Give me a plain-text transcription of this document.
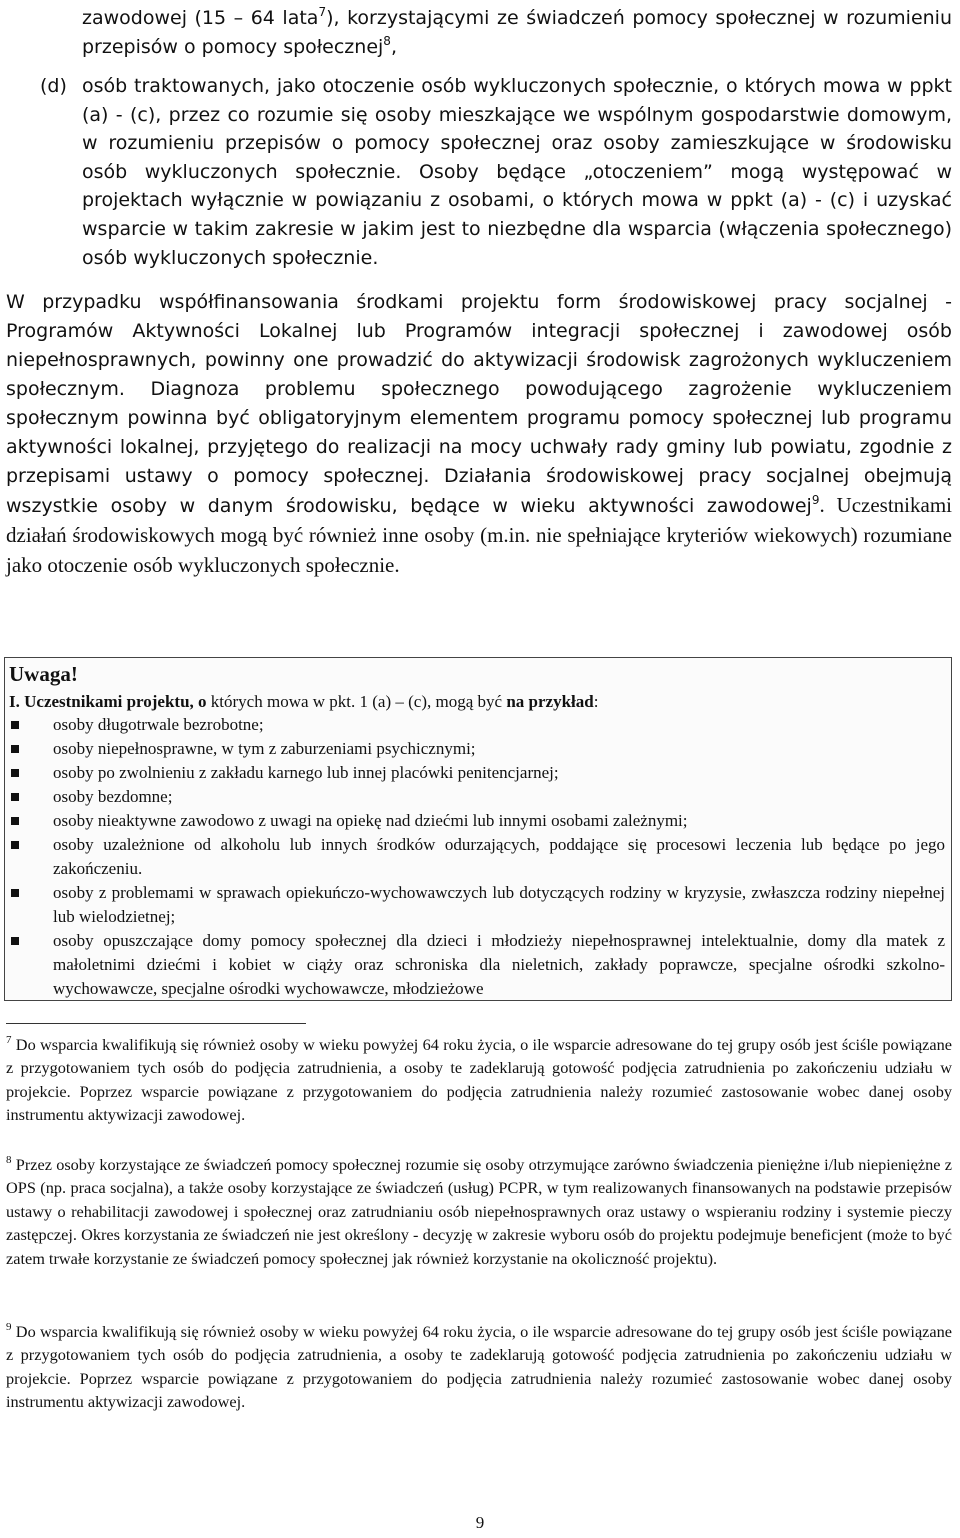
zawodowej (15 – 64 lata$^7$), korzystającymi ze świadczeń pomocy społecznej w rozumieniu przepisów o pomocy społecznej$^8$,

(d) osób traktowanych, jako otoczenie osób wykluczonych społecznie, o których mowa w ppkt (a) - (c), przez co rozumie się osoby mieszkające we wspólnym gospodarstwie domowym, w rozumieniu przepisów o pomocy społecznej oraz osoby zamieszkujące w środowisku osób wykluczonych społecznie. Osoby będące „otoczeniem” mogą występować w projektach wyłącznie w powiązaniu z osobami, o których mowa w ppkt (a) - (c) i uzyskać wsparcie w takim zakresie w jakim jest to niezbędne dla wsparcia (włączenia społecznego) osób wykluczonych społecznie.

W przypadku współfinansowania środkami projektu form środowiskowej pracy socjalnej - Programów Aktywności Lokalnej lub Programów integracji społecznej i zawodowej osób niepełnosprawnych, powinny one prowadzić do aktywizacji środowisk zagrożonych wykluczeniem społecznym. Diagnoza problemu społecznego powodującego zagrożenie wykluczeniem społecznym powinna być obligatoryjnym elementem programu pomocy społecznej lub programu aktywności lokalnej, przyjętego do realizacji na mocy uchwały rady gminy lub powiatu, zgodnie z przepisami ustawy o pomocy społecznej. Działania środowiskowej pracy socjalnej obejmują wszystkie osoby w danym środowisku, będące w wieku aktywności zawodowej$^9$. Uczestnikami działań środowiskowych mogą być również inne osoby (m.in. nie spełniające kryteriów wiekowych) rozumiane jako otoczenie osób wykluczonych społecznie.

Uwaga!

I. Uczestnikami projektu, o których mowa w pkt. 1 (a) – (c), mogą być na przykład:

osoby długotrwale bezrobotne;
osoby niepełnosprawne, w tym z zaburzeniami psychicznymi;
osoby po zwolnieniu z zakładu karnego lub innej placówki penitencjarnej;
osoby bezdomne;
osoby nieaktywne zawodowo z uwagi na opiekę nad dziećmi lub innymi osobami zależnymi;
osoby uzależnione od alkoholu lub innych środków odurzających, poddające się procesowi leczenia lub będące po jego zakończeniu.
osoby z problemami w sprawach opiekuńczo-wychowawczych lub dotyczących rodziny w kryzysie, zwłaszcza rodziny niepełnej lub wielodzietnej;
osoby opuszczające domy pomocy społecznej dla dzieci i młodzieży niepełnosprawnej intelektualnie, domy dla matek z małoletnimi dziećmi i kobiet w ciąży oraz schroniska dla nieletnich, zakłady poprawcze, specjalne ośrodki szkolno-wychowawcze, specjalne ośrodki wychowawcze, młodzieżowe

$^7$ Do wsparcia kwalifikują się również osoby w wieku powyżej 64 roku życia, o ile wsparcie adresowane do tej grupy osób jest ściśle powiązane z przygotowaniem tych osób do podjęcia zatrudnienia, a osoby te zadeklarują gotowość podjęcia zatrudnienia po zakończeniu udziału w projekcie. Poprzez wsparcie powiązane z przygotowaniem do podjęcia zatrudnienia należy rozumieć zastosowanie wobec danej osoby instrumentu aktywizacji zawodowej.

$^8$ Przez osoby korzystające ze świadczeń pomocy społecznej rozumie się osoby otrzymujące zarówno świadczenia pieniężne i/lub niepieniężne z OPS (np. praca socjalna), a także osoby korzystające ze świadczeń (usług) PCPR, w tym realizowanych finansowanych na podstawie przepisów ustawy o rehabilitacji zawodowej i społecznej oraz zatrudnianiu osób niepełnosprawnych oraz ustawy o wspieraniu rodziny i systemie pieczy zastępczej. Okres korzystania ze świadczeń nie jest określony - decyzję w zakresie wyboru osób do projektu podejmuje beneficjent (może to być zatem trwałe korzystanie ze świadczeń pomocy społecznej jak również korzystanie na okoliczność projektu).

$^9$ Do wsparcia kwalifikują się również osoby w wieku powyżej 64 roku życia, o ile wsparcie adresowane do tej grupy osób jest ściśle powiązane z przygotowaniem tych osób do podjęcia zatrudnienia, a osoby te zadeklarują gotowość podjęcia zatrudnienia po zakończeniu udziału w projekcie. Poprzez wsparcie powiązane z przygotowaniem do podjęcia zatrudnienia należy rozumieć zastosowanie wobec danej osoby instrumentu aktywizacji zawodowej.

9
